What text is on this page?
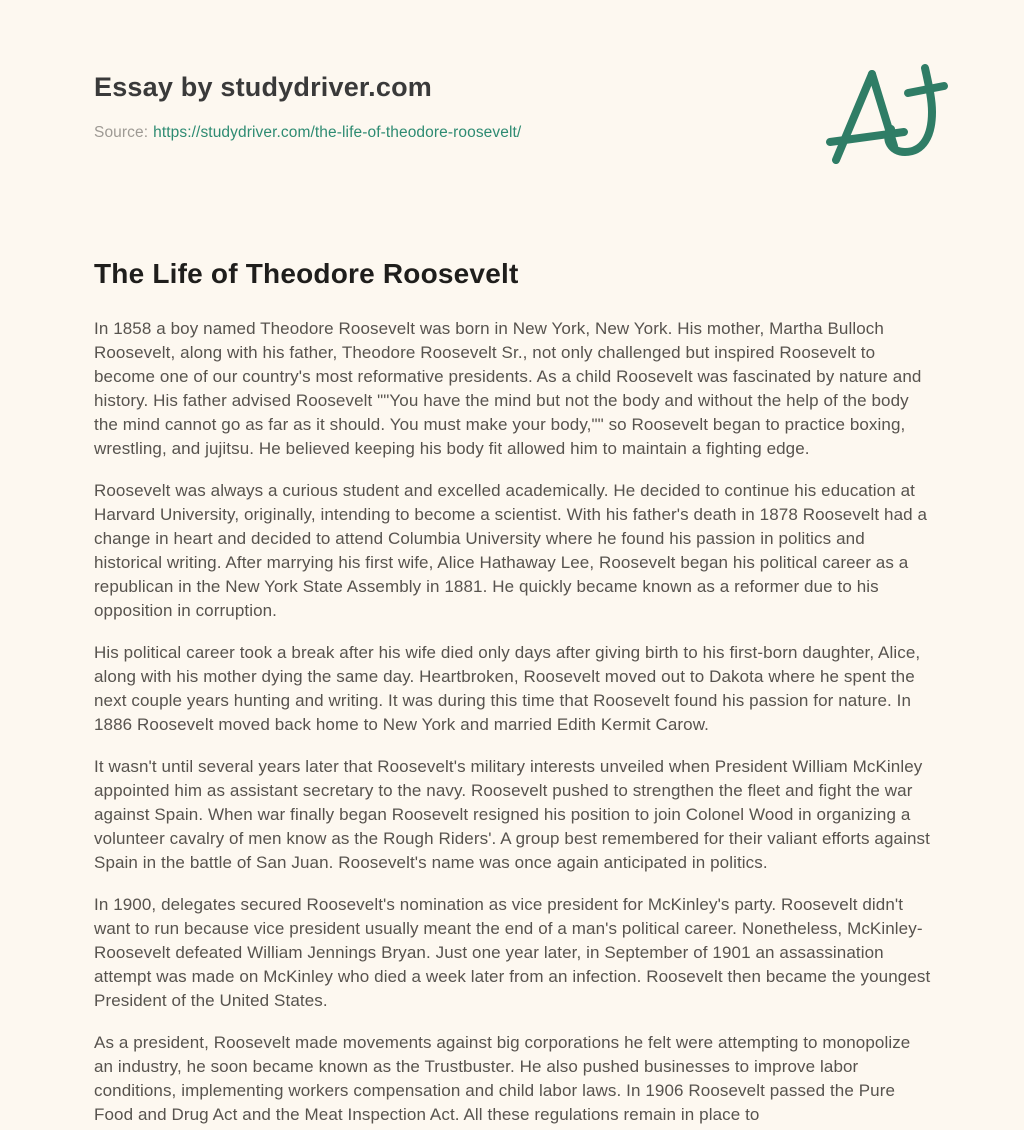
Essay by studydriver.com
Source: https://studydriver.com/the-life-of-theodore-roosevelt/
The Life of Theodore Roosevelt

In 1858 a boy named Theodore Roosevelt was born in New York, New York. His mother, Martha Bulloch Roosevelt, along with his father, Theodore Roosevelt Sr., not only challenged but inspired Roosevelt to become one of our country's most reformative presidents. As a child Roosevelt was fascinated by nature and history. His father advised Roosevelt ""You have the mind but not the body and without the help of the body the mind cannot go as far as it should. You must make your body,"" so Roosevelt began to practice boxing, wrestling, and jujitsu. He believed keeping his body fit allowed him to maintain a fighting edge.

Roosevelt was always a curious student and excelled academically. He decided to continue his education at Harvard University, originally, intending to become a scientist. With his father's death in 1878 Roosevelt had a change in heart and decided to attend Columbia University where he found his passion in politics and historical writing. After marrying his first wife, Alice Hathaway Lee, Roosevelt began his political career as a republican in the New York State Assembly in 1881. He quickly became known as a reformer due to his opposition in corruption.

His political career took a break after his wife died only days after giving birth to his first-born daughter, Alice, along with his mother dying the same day. Heartbroken, Roosevelt moved out to Dakota where he spent the next couple years hunting and writing. It was during this time that Roosevelt found his passion for nature. In 1886 Roosevelt moved back home to New York and married Edith Kermit Carow.

It wasn't until several years later that Roosevelt's military interests unveiled when President William McKinley appointed him as assistant secretary to the navy. Roosevelt pushed to strengthen the fleet and fight the war against Spain. When war finally began Roosevelt resigned his position to join Colonel Wood in organizing a volunteer cavalry of men know as the Rough Riders'. A group best remembered for their valiant efforts against Spain in the battle of San Juan. Roosevelt's name was once again anticipated in politics.

In 1900, delegates secured Roosevelt's nomination as vice president for McKinley's party. Roosevelt didn't want to run because vice president usually meant the end of a man's political career. Nonetheless, McKinley-Roosevelt defeated William Jennings Bryan. Just one year later, in September of 1901 an assassination attempt was made on McKinley who died a week later from an infection. Roosevelt then became the youngest President of the United States.

As a president, Roosevelt made movements against big corporations he felt were attempting to monopolize an industry, he soon became known as the Trustbuster. He also pushed businesses to improve labor conditions, implementing workers compensation and child labor laws. In 1906 Roosevelt passed the Pure Food and Drug Act and the Meat Inspection Act. All these regulations remain in place to
